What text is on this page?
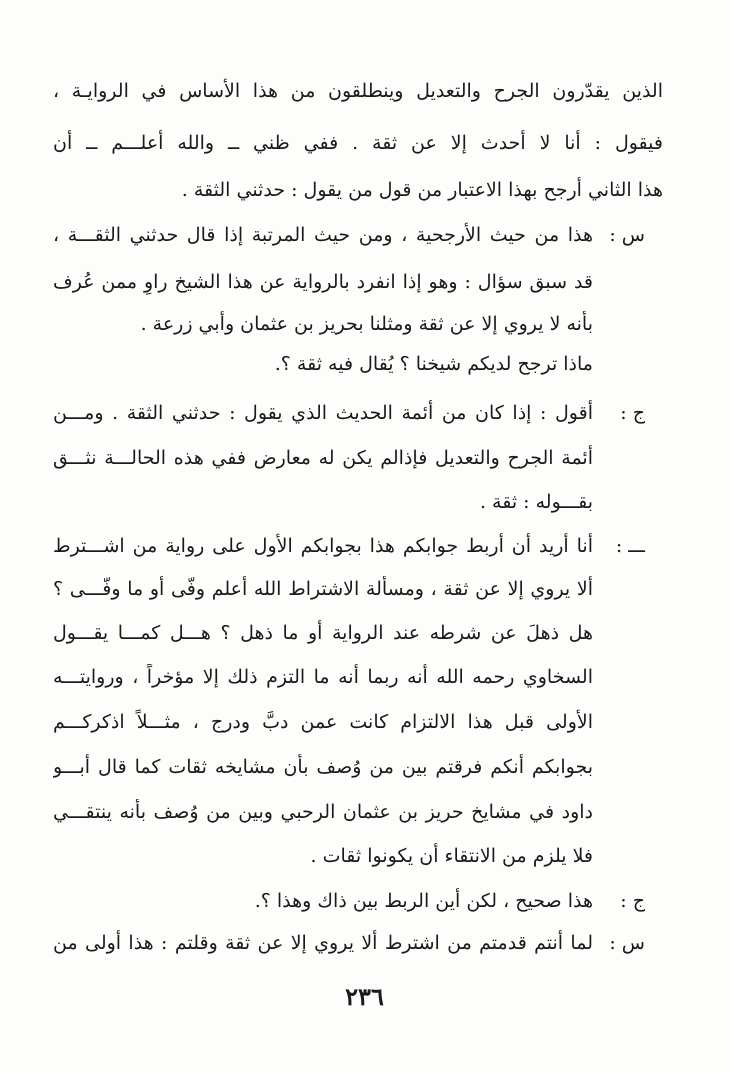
الذين يقدّرون الجرح والتعديل وينطلقون من هذا الأساس في الروايـة ،
فيقول : أنا لا أحدث إلا عن ثقة . ففي ظني ــ والله أعلـــم ــ أن
هذا الثاني أرجح بهذا الاعتبار من قول من يقول : حدثني الثقة .
س :
هذا من حيث الأرجحية ، ومن حيث المرتبة إذا قال حدثني الثقـــة ،
قد سبق سؤال : وهو إذا انفرد بالرواية عن هذا الشيخ راوٍ ممن عُرف
بأنه لا يروي إلا عن ثقة ومثلنا بحريز بن عثمان وأبي زرعة .
ماذا ترجح لديكم شيخنا ؟ يُقال فيه ثقة ؟.
ج :
أقول : إذا كان من أئمة الحديث الذي يقول : حدثني الثقة . ومـــن
أئمة الجرح والتعديل فإذالم يكن له معارض ففي هذه الحالـــة نثـــق
بقـــوله : ثقة .
ـــ :
أنا أريد أن أربط جوابكم هذا بجوابكم الأول على رواية من اشـــترط
ألا يروي إلا عن ثقة ، ومسألة الاشتراط الله أعلم وفّى أو ما وفّـــى ؟
هل ذهلَ عن شرطه عند الرواية أو ما ذهل ؟ هـــل كمـــا يقـــول
السخاوي رحمه الله أنه ربما أنه ما التزم ذلك إلا مؤخراً ، وروايتـــه
الأولى قبل هذا الالتزام كانت عمن دبَّ ودرج ، مثـــلاً اذكركـــم
بجوابكم أنكم فرقتم بين من وُصف بأن مشايخه ثقات كما قال أبـــو
داود في مشايخ حريز بن عثمان الرحبي وبين من وُصف بأنه ينتقـــي
فلا يلزم من الانتقاء أن يكونوا ثقات .
ج :
هذا صحيح ، لكن أين الربط بين ذاك وهذا ؟.
س :
لما أنتم قدمتم من اشترط ألا يروي إلا عن ثقة وقلتم : هذا أولى من
٢٣٦
